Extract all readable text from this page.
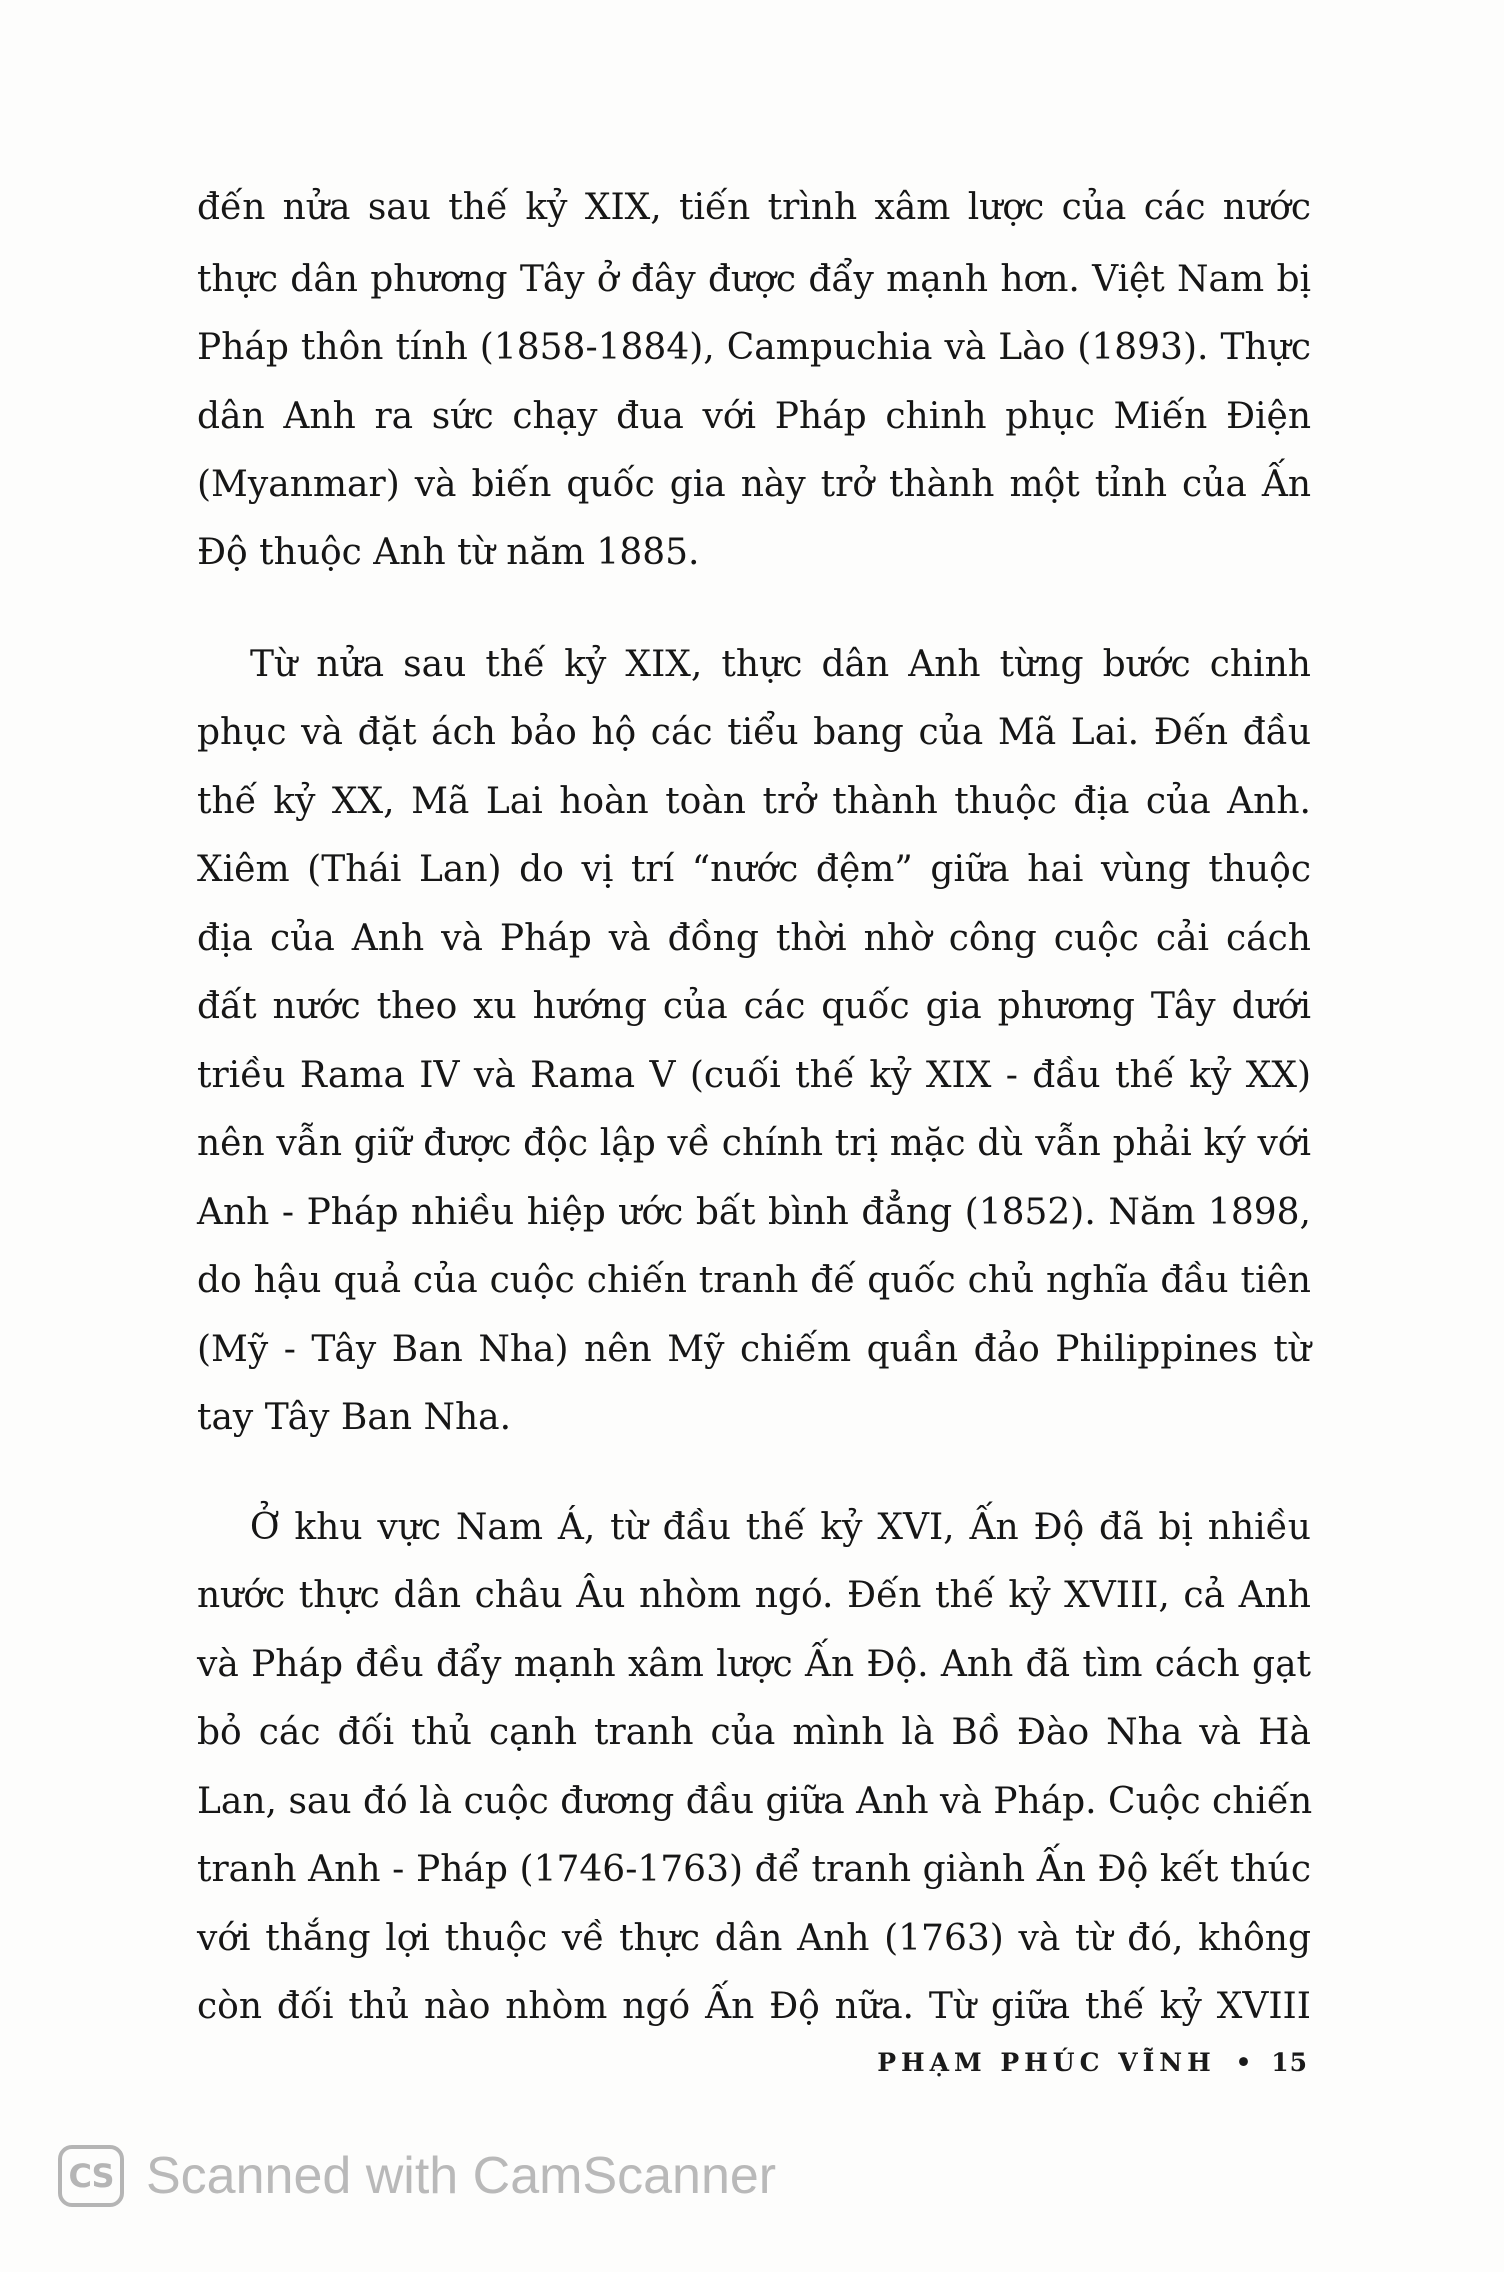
đến nửa sau thế kỷ XIX, tiến trình xâm lược của các nước
thực dân phương Tây ở đây được đẩy mạnh hơn. Việt Nam bị
Pháp thôn tính (1858-1884), Campuchia và Lào (1893). Thực
dân Anh ra sức chạy đua với Pháp chinh phục Miến Điện
(Myanmar) và biến quốc gia này trở thành một tỉnh của Ấn
Độ thuộc Anh từ năm 1885.
Từ nửa sau thế kỷ XIX, thực dân Anh từng bước chinh
phục và đặt ách bảo hộ các tiểu bang của Mã Lai. Đến đầu
thế kỷ XX, Mã Lai hoàn toàn trở thành thuộc địa của Anh.
Xiêm (Thái Lan) do vị trí “nước đệm” giữa hai vùng thuộc
địa của Anh và Pháp và đồng thời nhờ công cuộc cải cách
đất nước theo xu hướng của các quốc gia phương Tây dưới
triều Rama IV và Rama V (cuối thế kỷ XIX - đầu thế kỷ XX)
nên vẫn giữ được độc lập về chính trị mặc dù vẫn phải ký với
Anh - Pháp nhiều hiệp ước bất bình đẳng (1852). Năm 1898,
do hậu quả của cuộc chiến tranh đế quốc chủ nghĩa đầu tiên
(Mỹ - Tây Ban Nha) nên Mỹ chiếm quần đảo Philippines từ
tay Tây Ban Nha.
Ở khu vực Nam Á, từ đầu thế kỷ XVI, Ấn Độ đã bị nhiều
nước thực dân châu Âu nhòm ngó. Đến thế kỷ XVIII, cả Anh
và Pháp đều đẩy mạnh xâm lược Ấn Độ. Anh đã tìm cách gạt
bỏ các đối thủ cạnh tranh của mình là Bồ Đào Nha và Hà
Lan, sau đó là cuộc đương đầu giữa Anh và Pháp. Cuộc chiến
tranh Anh - Pháp (1746-1763) để tranh giành Ấn Độ kết thúc
với thắng lợi thuộc về thực dân Anh (1763) và từ đó, không
còn đối thủ nào nhòm ngó Ấn Độ nữa. Từ giữa thế kỷ XVIII
PHẠM PHÚC VĨNH • 15
CS Scanned with CamScanner
